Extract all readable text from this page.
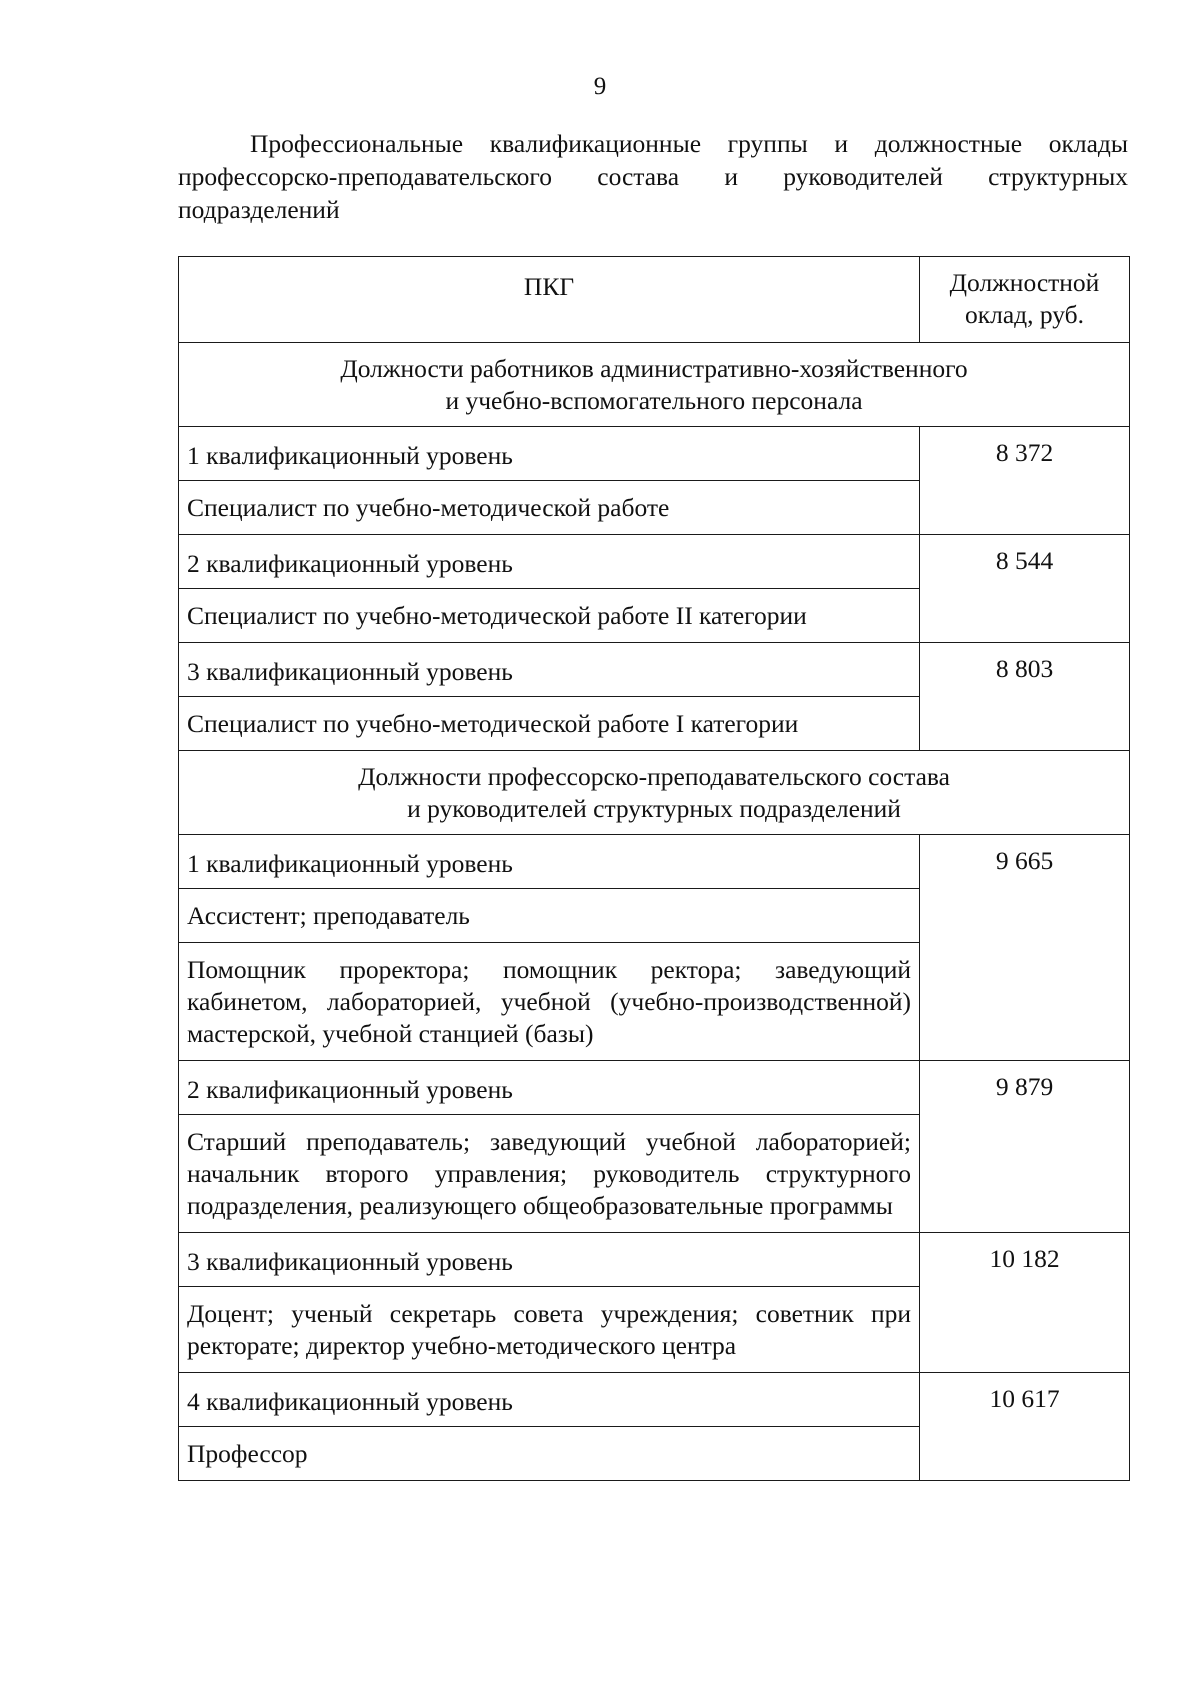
9
Профессиональные квалификационные группы и должностные оклады профессорско-преподавательского состава и руководителей структурных подразделений
ПКГ	Должностной оклад, руб.
Должности работников административно-хозяйственного
и учебно-вспомогательного персонала	
1 квалификационный уровень	8 372
Специалист по учебно-методической работе	
2 квалификационный уровень	8 544
Специалист по учебно-методической работе II категории	
3 квалификационный уровень	8 803
Специалист по учебно-методической работе I категории	
Должности профессорско-преподавательского состава
и руководителей структурных подразделений	
1 квалификационный уровень	9 665
Ассистент; преподаватель	
Помощник проректора; помощник ректора; заведующий кабинетом, лабораторией, учебной (учебно-производственной) мастерской, учебной станцией (базы)	
2 квалификационный уровень	9 879
Старший преподаватель; заведующий учебной лабораторией; начальник второго управления; руководитель структурного подразделения, реализующего общеобразовательные программы	
3 квалификационный уровень	10 182
Доцент; ученый секретарь совета учреждения; советник при ректорате; директор учебно-методического центра	
4 квалификационный уровень	10 617
Профессор	
